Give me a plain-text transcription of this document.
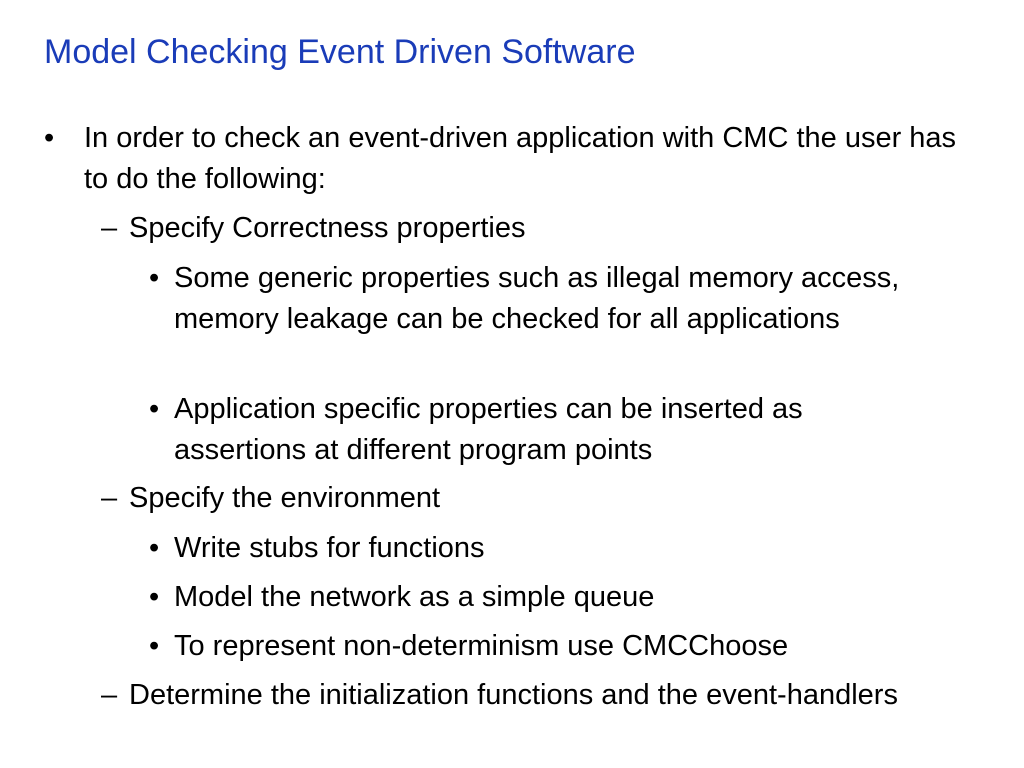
Model Checking Event Driven Software
• In order to check an event-driven application with CMC the user has to do the following:
– Specify Correctness properties
• Some generic properties such as illegal memory access, memory leakage can be checked for all applications
• Application specific properties can be inserted as assertions at different program points
– Specify the environment
• Write stubs for functions
• Model the network as a simple queue
• To represent non-determinism use CMCChoose
– Determine the initialization functions and the event-handlers
